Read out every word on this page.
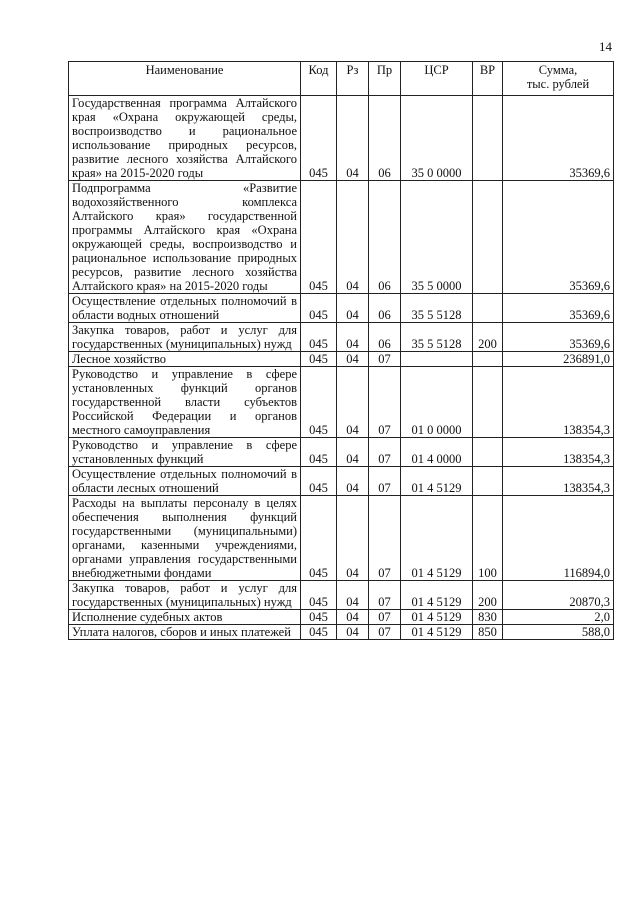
14
Наименование	Код	Рз	Пр	ЦСР	ВР	Сумма,
тыс. рублей

Государственная программа Алтайского края «Охрана окружающей среды, воспроизводство и рациональное использование природных ресурсов, развитие лесного хозяйства Алтайского края» на 2015-2020 годы	045	04	06	35 0 0000		35369,6
Подпрограмма «Развитие водохозяйственного комплекса Алтайского края» государственной программы Алтайского края «Охрана окружающей среды, воспроизводство и рациональное использование природных ресурсов, развитие лесного хозяйства Алтайского края» на 2015-2020 годы	045	04	06	35 5 0000		35369,6
Осуществление отдельных полномочий в области водных отношений	045	04	06	35 5 5128		35369,6
Закупка товаров, работ и услуг для государственных (муниципальных) нужд	045	04	06	35 5 5128	200	35369,6
Лесное хозяйство	045	04	07			236891,0
Руководство и управление в сфере установленных функций органов государственной власти субъектов Российской Федерации и органов местного самоуправления	045	04	07	01 0 0000		138354,3
Руководство и управление в сфере установленных функций	045	04	07	01 4 0000		138354,3
Осуществление отдельных полномочий в области лесных отношений	045	04	07	01 4 5129		138354,3
Расходы на выплаты персоналу в целях обеспечения выполнения функций государственными (муниципальными) органами, казенными учреждениями, органами управления государственными внебюджетными фондами	045	04	07	01 4 5129	100	116894,0
Закупка товаров, работ и услуг для государственных (муниципальных) нужд	045	04	07	01 4 5129	200	20870,3
Исполнение судебных актов	045	04	07	01 4 5129	830	2,0
Уплата налогов, сборов и иных платежей	045	04	07	01 4 5129	850	588,0
